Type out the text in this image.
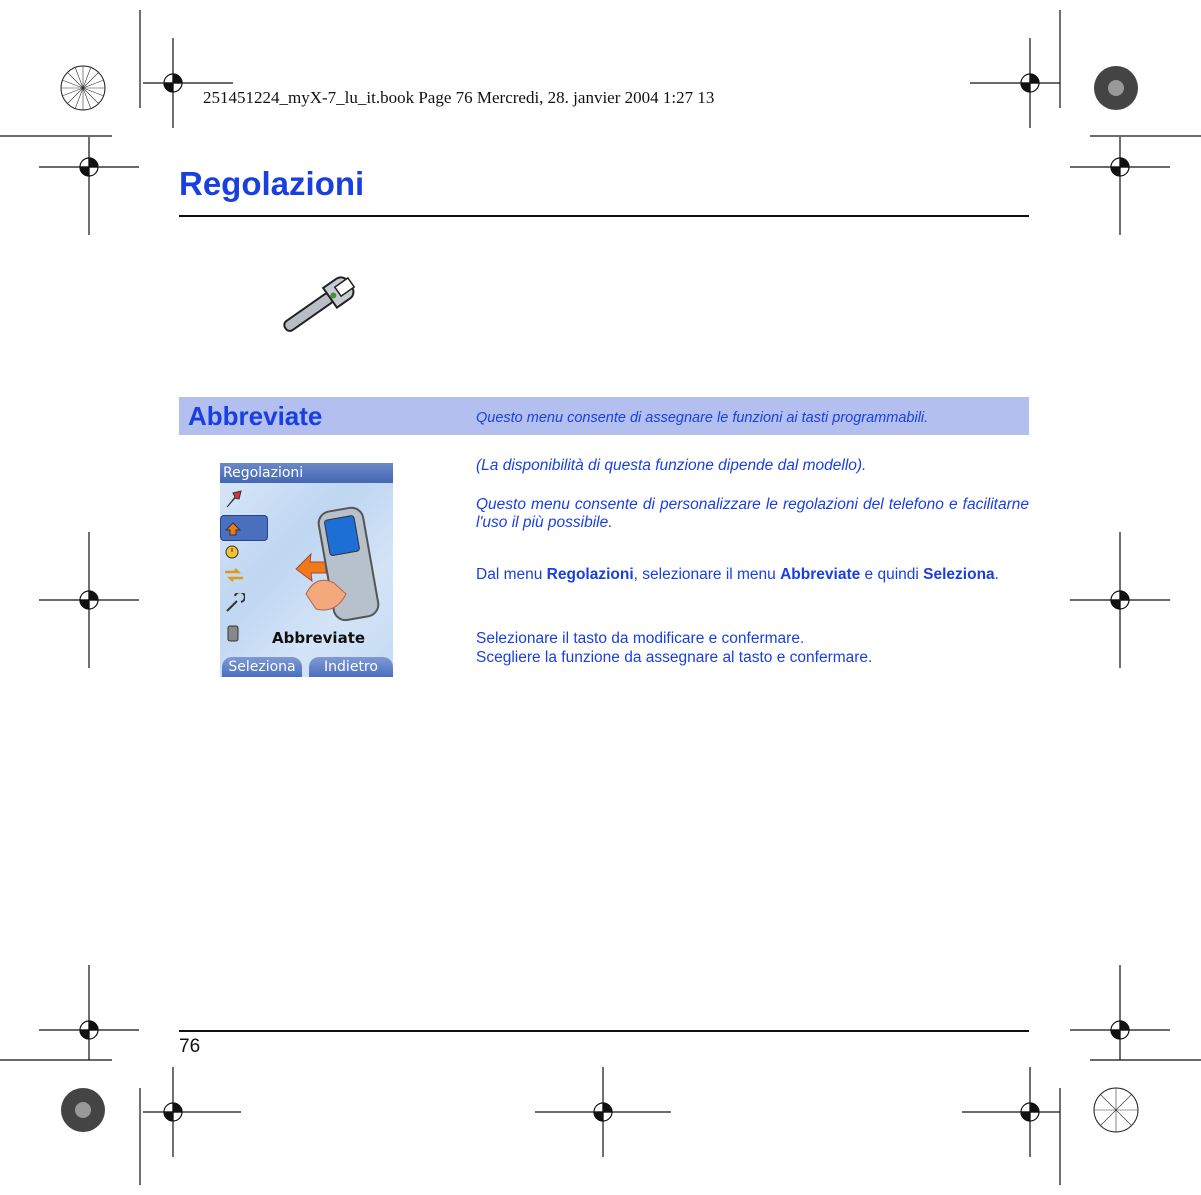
251451224_myX-7_lu_it.book Page 76 Mercredi, 28. janvier 2004 1:27 13
Regolazioni
Abbreviate	Questo menu consente di assegnare le funzioni ai tasti programmabili.
Regolazioni
Abbreviate
Seleziona	Indietro
(La disponibilità di questa funzione dipende dal modello).
Questo menu consente di personalizzare le regolazioni del telefono e facilitarne l'uso il più possibile.
Dal menu Regolazioni, selezionare il menu Abbreviate e quindi Seleziona.
Selezionare il tasto da modificare e confermare.
Scegliere la funzione da assegnare al tasto e confermare.
76
